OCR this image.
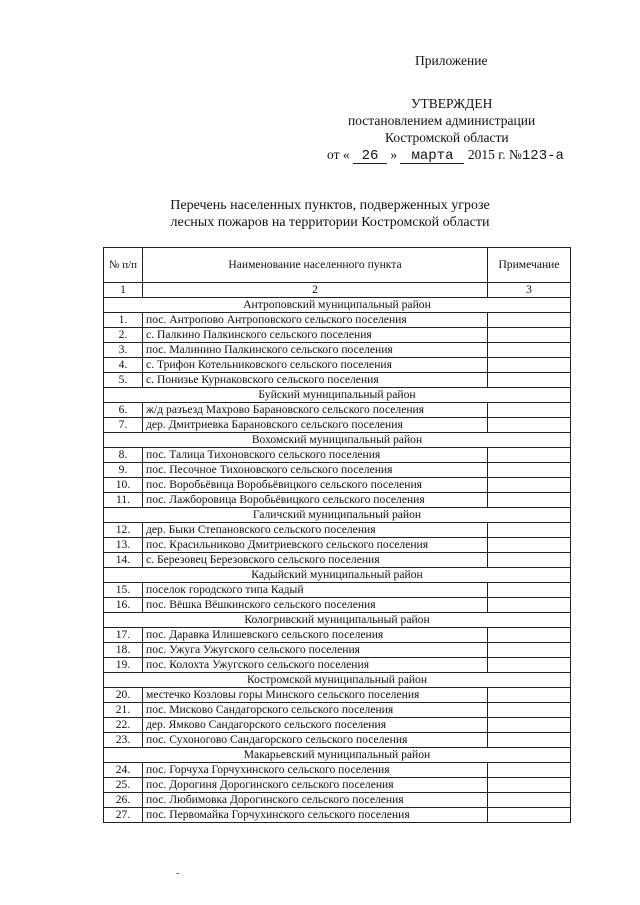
Приложение
УТВЕРЖДЕН
постановлением администрации
Костромской области
от « 26 » марта 2015 г. №123-а
Перечень населенных пунктов, подверженных угрозе
лесных пожаров на территории Костромской области
№ п/п	Наименование населенного пункта	Примечание
1	2	3
Антроповский муниципальный район		
1.	пос. Антропово Антроповского сельского поселения	
2.	с. Палкино Палкинского сельского поселения	
3.	пос. Малинино Палкинского сельского поселения	
4.	с. Трифон Котельниковского сельского поселения	
5.	с. Понизье Курнаковского сельского поселения	
Буйский муниципальный район		
6.	ж/д разъезд Махрово Барановского сельского поселения	
7.	дер. Дмитриевка Барановского сельского поселения	
Вохомский муниципальный район		
8.	пос. Талица Тихоновского сельского поселения	
9.	пос. Песочное Тихоновского сельского поселения	
10.	пос. Воробьёвица Воробьёвицкого сельского поселения	
11.	пос. Лажборовица Воробьёвицкого сельского поселения	
Галичский муниципальный район		
12.	дер. Быки Степановского сельского поселения	
13.	пос. Красильниково Дмитриевского сельского поселения	
14.	с. Березовец Березовского сельского поселения	
Кадыйский муниципальный район		
15.	поселок городского типа Кадый	
16.	пос. Вёшка Вёшкинского сельского поселения	
Кологривский муниципальный район		
17.	пос. Даравка Илишевского сельского поселения	
18.	пос. Ужуга Ужугского сельского поселения	
19.	пос. Колохта Ужугского сельского поселения	
Костромской муниципальный район		
20.	местечко Козловы горы Минского сельского поселения	
21.	пос. Мисково Сандагорского сельского поселения	
22.	дер. Ямково Сандагорского сельского поселения	
23.	пос. Сухоногово Сандагорского сельского поселения	
Макарьевский муниципальный район		
24.	пос. Горчуха Горчухинского сельского поселения	
25.	пос. Дорогиня Дорогинского сельского поселения	
26.	пос. Любимовка Дорогинского сельского поселения	
27.	пос. Первомайка Горчухинского сельского поселения	
-
